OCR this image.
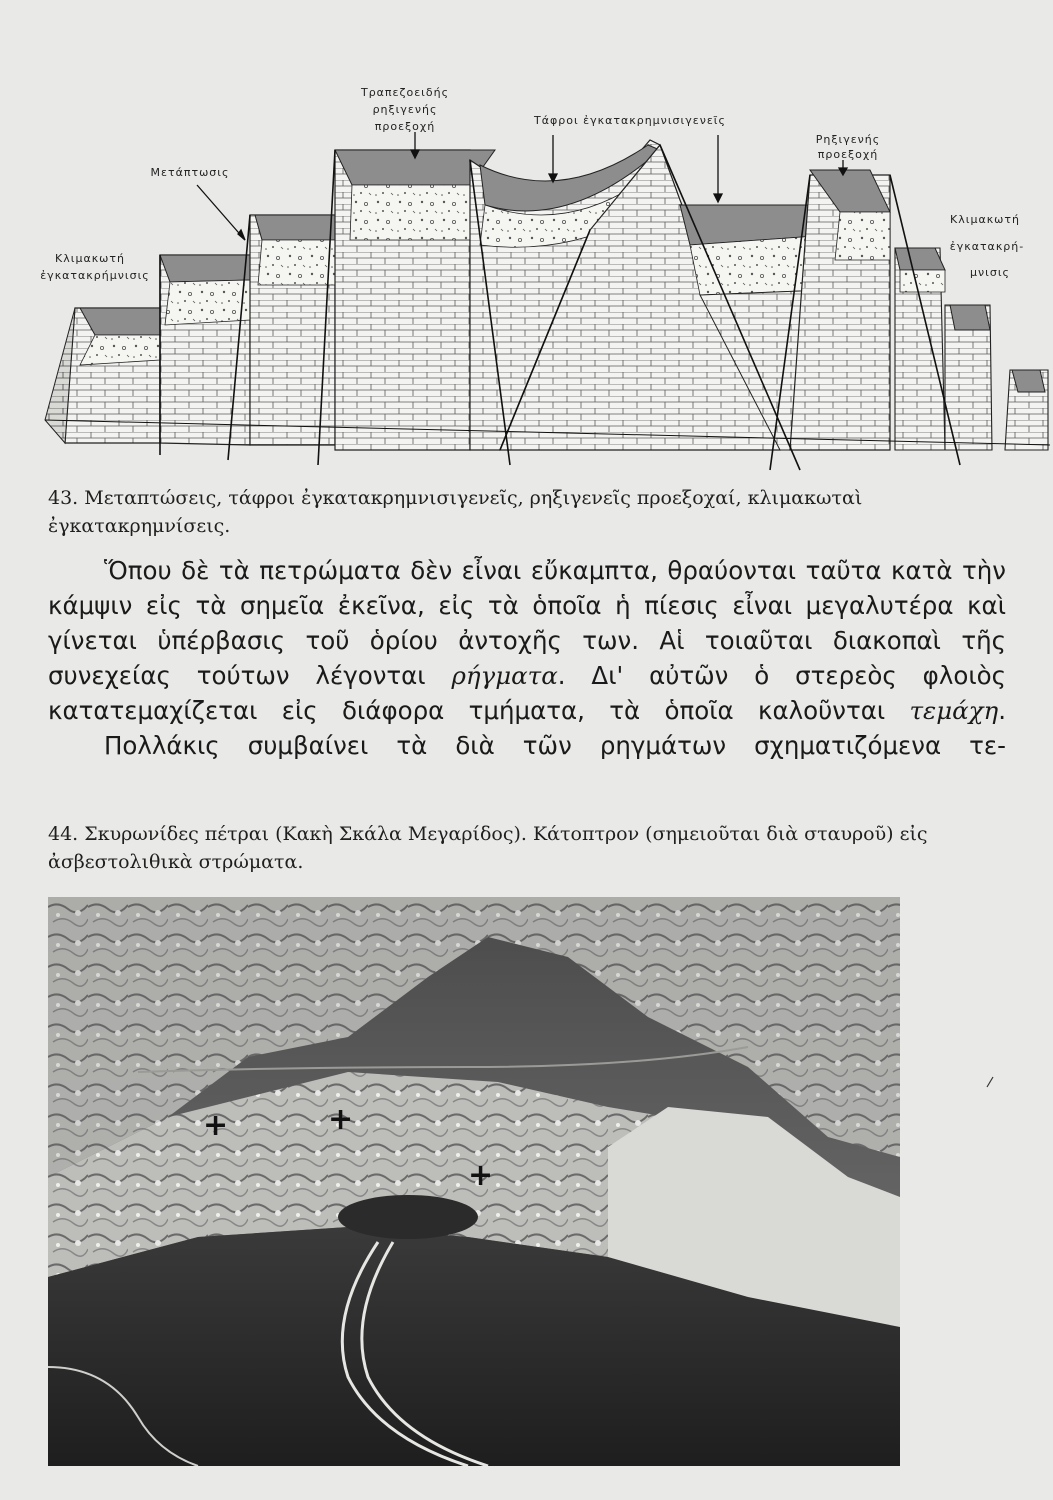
Τραπεζοειδής
ρηξιγενής
προεξοχή	Τάφροι ἐγκατακρημνισιγενεῖς
Ρηξιγενής
προεξοχή
Μετάπτωσις
Κλιμακωτή
ἐγκατακρήμνισις
Κλιμακωτή
ἐγκατακρή-
μνισις
43. Μεταπτώσεις, τάφροι ἐγκατακρημνισιγενεῖς, ρηξιγενεῖς προεξοχαί, κλιμακωταὶ ἐγκατακρημνίσεις.

Ὅπου δὲ τὰ πετρώματα δὲν εἶναι εὔκαμπτα, θραύονται ταῦτα κατὰ τὴν κάμψιν εἰς τὰ σημεῖα ἐκεῖνα, εἰς τὰ ὁποῖα ἡ πίεσις εἶναι μεγαλυτέρα καὶ γίνεται ὑπέρβασις τοῦ ὁρίου ἀντοχῆς των. Αἱ τοιαῦται διακοπαὶ τῆς συνεχείας τούτων λέγονται ρήγματα. Δι' αὐτῶν ὁ στερεὸς φλοιὸς κατατεμαχίζεται εἰς διάφορα τμήματα, τὰ ὁποῖα καλοῦνται τεμάχη.

Πολλάκις συμβαίνει τὰ διὰ τῶν ρηγμάτων σχηματιζόμενα τε-

44. Σκυρωνίδες πέτραι (Κακὴ Σκάλα Μεγαρίδος). Κάτοπτρον (σημειοῦται διὰ σταυροῦ) εἰς ἀσβεστολιθικὰ στρώματα.
+	+
+
